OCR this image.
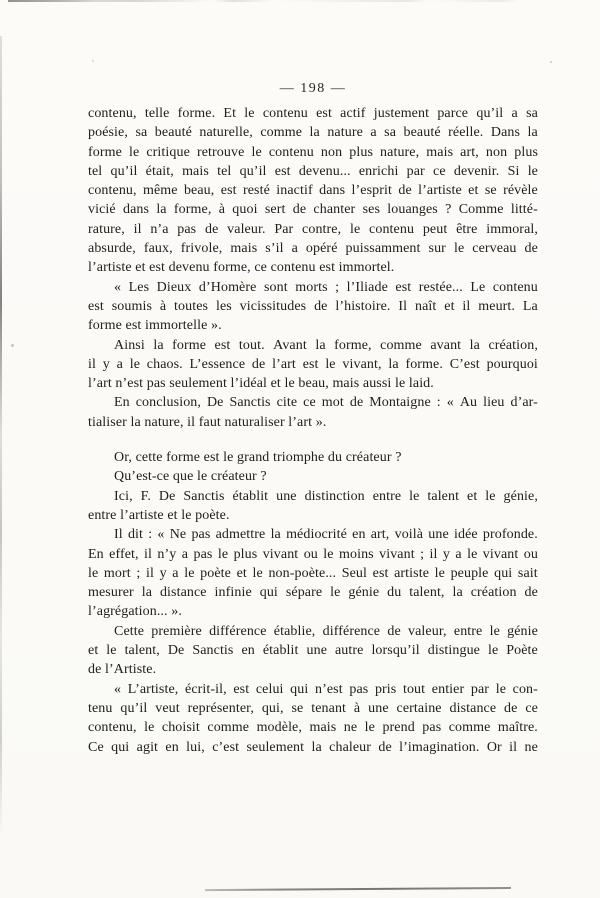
— 198 —
contenu, telle forme. Et le contenu est actif justement parce qu’il a sa
poésie, sa beauté naturelle, comme la nature a sa beauté réelle. Dans la
forme le critique retrouve le contenu non plus nature, mais art, non plus
tel qu’il était, mais tel qu’il est devenu... enrichi par ce devenir. Si le
contenu, même beau, est resté inactif dans l’esprit de l’artiste et se révèle
vicié dans la forme, à quoi sert de chanter ses louanges ? Comme litté-
rature, il n’a pas de valeur. Par contre, le contenu peut être immoral,
absurde, faux, frivole, mais s’il a opéré puissamment sur le cerveau de
l’artiste et est devenu forme, ce contenu est immortel.
« Les Dieux d’Homère sont morts ; l’Iliade est restée... Le contenu
est soumis à toutes les vicissitudes de l’histoire. Il naît et il meurt. La
forme est immortelle ».
Ainsi la forme est tout. Avant la forme, comme avant la création,
il y a le chaos. L’essence de l’art est le vivant, la forme. C’est pourquoi
l’art n’est pas seulement l’idéal et le beau, mais aussi le laid.
En conclusion, De Sanctis cite ce mot de Montaigne : « Au lieu d’ar-
tialiser la nature, il faut naturaliser l’art ».
Or, cette forme est le grand triomphe du créateur ?
Qu’est-ce que le créateur ?
Ici, F. De Sanctis établit une distinction entre le talent et le génie,
entre l’artiste et le poète.
Il dit : « Ne pas admettre la médiocrité en art, voilà une idée profonde.
En effet, il n’y a pas le plus vivant ou le moins vivant ; il y a le vivant ou
le mort ; il y a le poète et le non-poète... Seul est artiste le peuple qui sait
mesurer la distance infinie qui sépare le génie du talent, la création de
l’agrégation... ».
Cette première différence établie, différence de valeur, entre le génie
et le talent, De Sanctis en établit une autre lorsqu’il distingue le Poète
de l’Artiste.
« L’artiste, écrit-il, est celui qui n’est pas pris tout entier par le con-
tenu qu’il veut représenter, qui, se tenant à une certaine distance de ce
contenu, le choisit comme modèle, mais ne le prend pas comme maître.
Ce qui agit en lui, c’est seulement la chaleur de l’imagination. Or il ne
